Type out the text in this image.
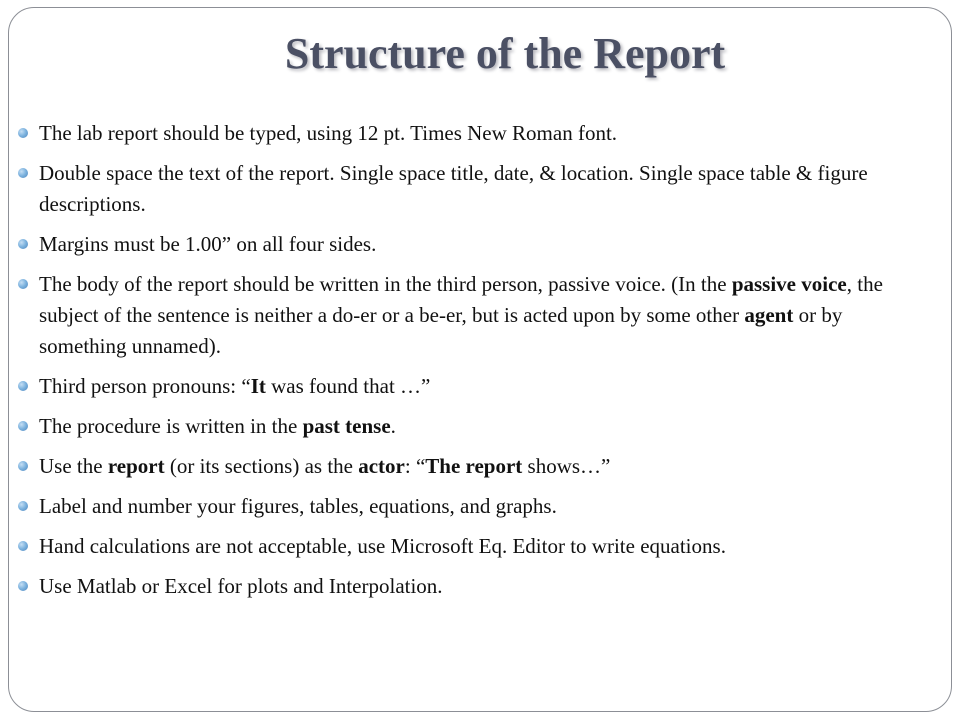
Structure of the Report
The lab report should be typed, using 12 pt. Times New Roman font.
Double space the text of the report. Single space title, date, & location. Single space table & figure descriptions.
Margins must be 1.00” on all four sides.
The body of the report should be written in the third person, passive voice. (In the passive voice, the subject of the sentence is neither a do-er or a be-er, but is acted upon by some other agent or by something unnamed).
Third person pronouns: “It was found that …”
The procedure is written in the past tense.
Use the report (or its sections) as the actor: “The report shows…”
Label and number your figures, tables, equations, and graphs.
Hand calculations are not acceptable, use Microsoft Eq. Editor to write equations.
Use Matlab or Excel for plots and Interpolation.
